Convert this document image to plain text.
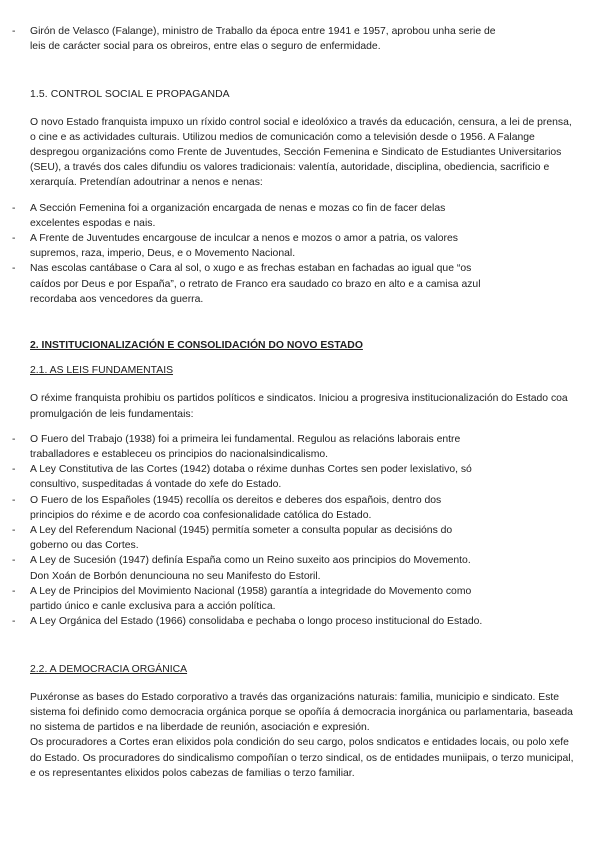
- Girón de Velasco (Falange), ministro de Traballo da época entre 1941 e 1957, aprobou unha serie de leis de carácter social para os obreiros, entre elas o seguro de enfermidade.

1.5. CONTROL SOCIAL E PROPAGANDA

O novo Estado franquista impuxo un ríxido control social e ideolóxico a través da educación, censura, a lei de prensa, o cine e as actividades culturais. Utilizou medios de comunicación como a televisión desde o 1956. A Falange despregou organizacións como Frente de Juventudes, Sección Femenina e Sindicato de Estudiantes Universitarios (SEU), a través dos cales difundiu os valores tradicionais: valentía, autoridade, disciplina, obediencia, sacrificio e xerarquía. Pretendían adoutrinar a nenos e nenas:

- A Sección Femenina foi a organización encargada de nenas e mozas co fin de facer delas excelentes espodas e nais.
- A Frente de Juventudes encargouse de inculcar a nenos e mozos o amor a patria, os valores supremos, raza, imperio, Deus, e o Movemento Nacional.
- Nas escolas cantábase o Cara al sol, o xugo e as frechas estaban en fachadas ao igual que “os caídos por Deus e por España”, o retrato de Franco era saudado co brazo en alto e a camisa azul recordaba aos vencedores da guerra.

2. INSTITUCIONALIZACIÓN E CONSOLIDACIÓN DO NOVO ESTADO

2.1. AS LEIS FUNDAMENTAIS

O réxime franquista prohibiu os partidos políticos e sindicatos. Iniciou a progresiva institucionalización do Estado coa promulgación de leis fundamentais:

- O Fuero del Trabajo (1938) foi a primeira lei fundamental. Regulou as relacións laborais entre traballadores e estableceu os principios do nacionalsindicalismo.
- A Ley Constitutiva de las Cortes (1942) dotaba o réxime dunhas Cortes sen poder lexislativo, só consultivo, suspeditadas á vontade do xefe do Estado.
- O Fuero de los Españoles (1945) recollía os dereitos e deberes dos españois, dentro dos principios do réxime e de acordo coa confesionalidade católica do Estado.
- A Ley del Referendum Nacional (1945) permitía someter a consulta popular as decisións do goberno ou das Cortes.
- A Ley de Sucesión (1947) definía España como un Reino suxeito aos principios do Movemento. Don Xoán de Borbón denunciouna no seu Manifesto do Estoril.
- A Ley de Principios del Movimiento Nacional (1958) garantía a integridade do Movemento como partido único e canle exclusiva para a acción política.
- A Ley Orgánica del Estado (1966) consolidaba e pechaba o longo proceso institucional do Estado.

2.2. A DEMOCRACIA ORGÁNICA

Puxéronse as bases do Estado corporativo a través das organizacións naturais: familia, municipio e sindicato. Este sistema foi definido como democracia orgánica porque se opoñía á democracia inorgánica ou parlamentaria, baseada no sistema de partidos e na liberdade de reunión, asociación e expresión.

Os procuradores a Cortes eran elixidos pola condición do seu cargo, polos sndicatos e entidades locais, ou polo xefe do Estado. Os procuradores do sindicalismo compoñían o terzo sindical, os de entidades muniipais, o terzo municipal, e os representantes elixidos polos cabezas de familias o terzo familiar.
